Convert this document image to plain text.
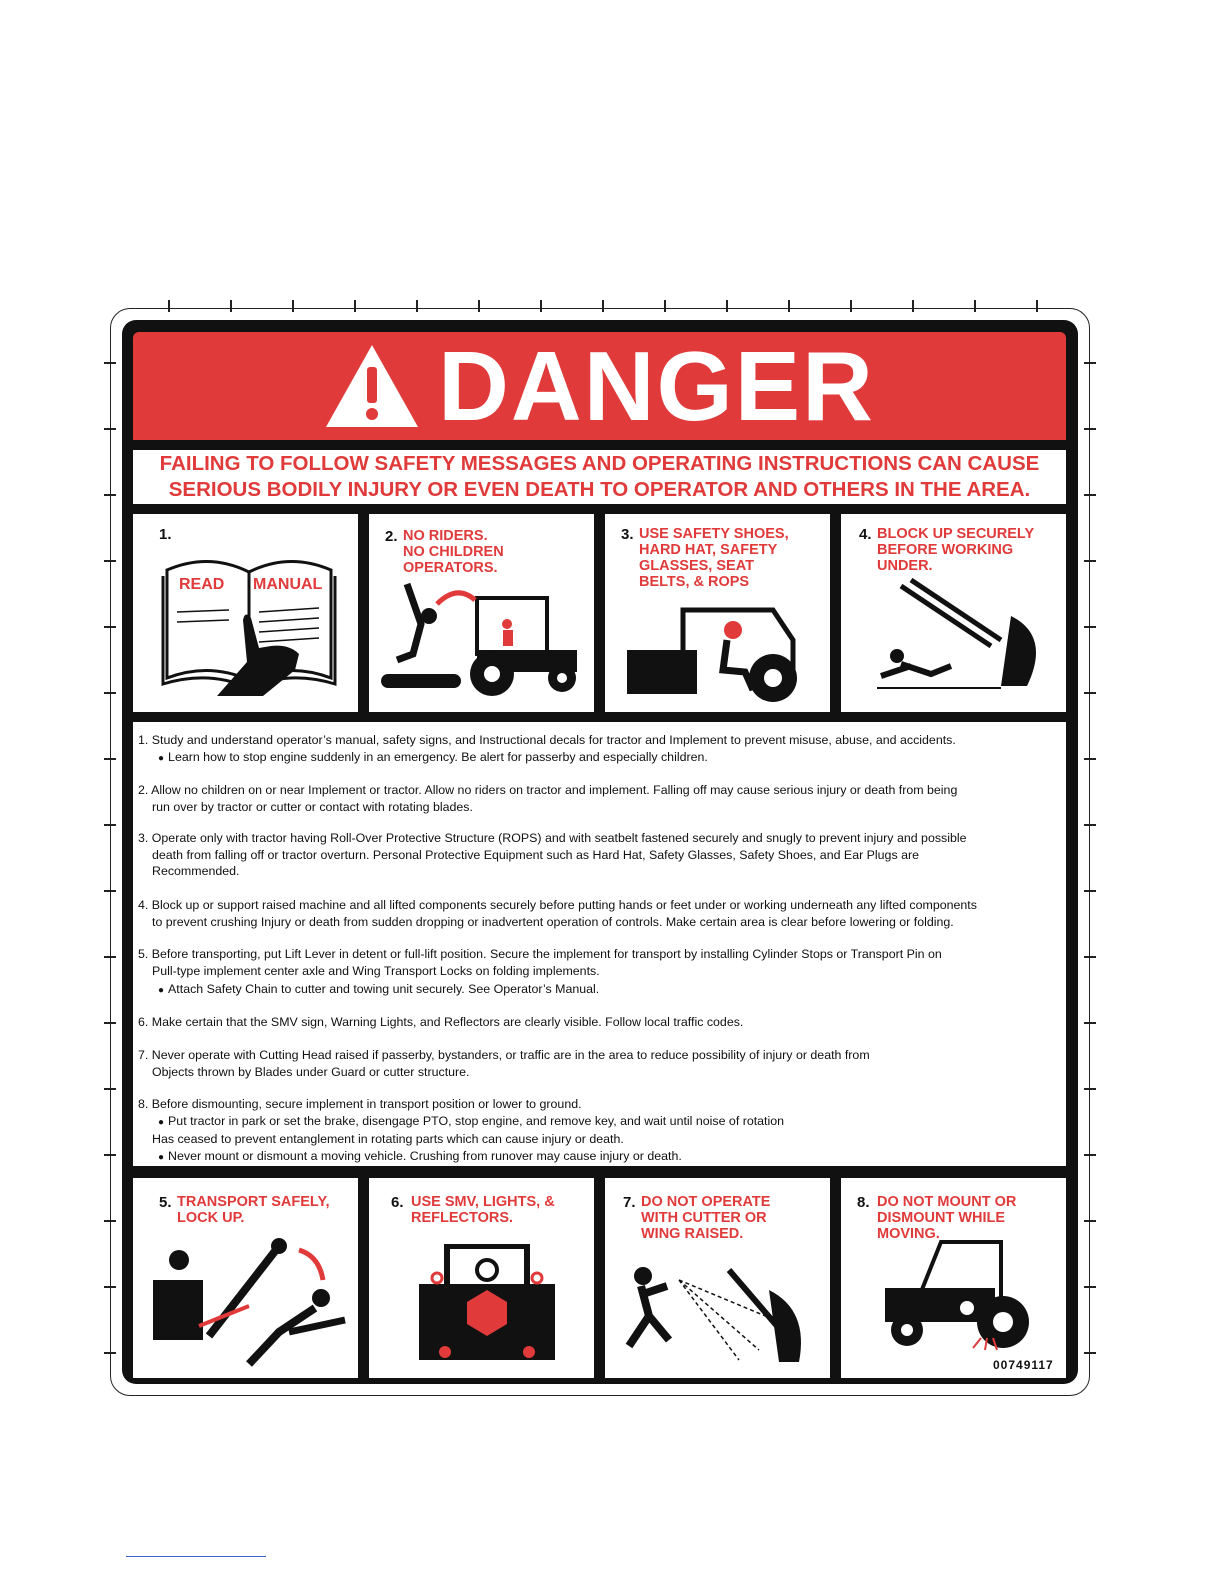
DANGER
FAILING TO FOLLOW SAFETY MESSAGES AND OPERATING INSTRUCTIONS CAN CAUSE
SERIOUS BODILY INJURY OR EVEN DEATH TO OPERATOR AND OTHERS IN THE AREA.
1.
READ MANUAL
2. NO RIDERS.
NO CHILDREN OPERATORS.
3. USE SAFETY SHOES,
HARD HAT, SAFETY
GLASSES, SEAT
BELTS, & ROPS
4. BLOCK UP SECURELY
BEFORE WORKING
UNDER.
1. Study and understand operator’s manual, safety signs, and Instructional decals for tractor and Implement to prevent misuse, abuse, and accidents.
● Learn how to stop engine suddenly in an emergency. Be alert for passerby and especially children.
2. Allow no children on or near Implement or tractor. Allow no riders on tractor and implement. Falling off may cause serious injury or death from being
run over by tractor or cutter or contact with rotating blades.
3. Operate only with tractor having Roll-Over Protective Structure (ROPS) and with seatbelt fastened securely and snugly to prevent injury and possible
death from falling off or tractor overturn. Personal Protective Equipment such as Hard Hat, Safety Glasses, Safety Shoes, and Ear Plugs are
Recommended.
4. Block up or support raised machine and all lifted components securely before putting hands or feet under or working underneath any lifted components
to prevent crushing Injury or death from sudden dropping or inadvertent operation of controls. Make certain area is clear before lowering or folding.
5. Before transporting, put Lift Lever in detent or full-lift position. Secure the implement for transport by installing Cylinder Stops or Transport Pin on
Pull-type implement center axle and Wing Transport Locks on folding implements.
● Attach Safety Chain to cutter and towing unit securely. See Operator’s Manual.
6. Make certain that the SMV sign, Warning Lights, and Reflectors are clearly visible. Follow local traffic codes.
7. Never operate with Cutting Head raised if passerby, bystanders, or traffic are in the area to reduce possibility of injury or death from
Objects thrown by Blades under Guard or cutter structure.
8. Before dismounting, secure implement in transport position or lower to ground.
● Put tractor in park or set the brake, disengage PTO, stop engine, and remove key, and wait until noise of rotation
Has ceased to prevent entanglement in rotating parts which can cause injury or death.
● Never mount or dismount a moving vehicle. Crushing from runover may cause injury or death.
5. TRANSPORT SAFELY,
LOCK UP.
6. USE SMV, LIGHTS, &
REFLECTORS.
7. DO NOT OPERATE
WITH CUTTER OR
WING RAISED.
8. DO NOT MOUNT OR
DISMOUNT WHILE
MOVING.
00749117
